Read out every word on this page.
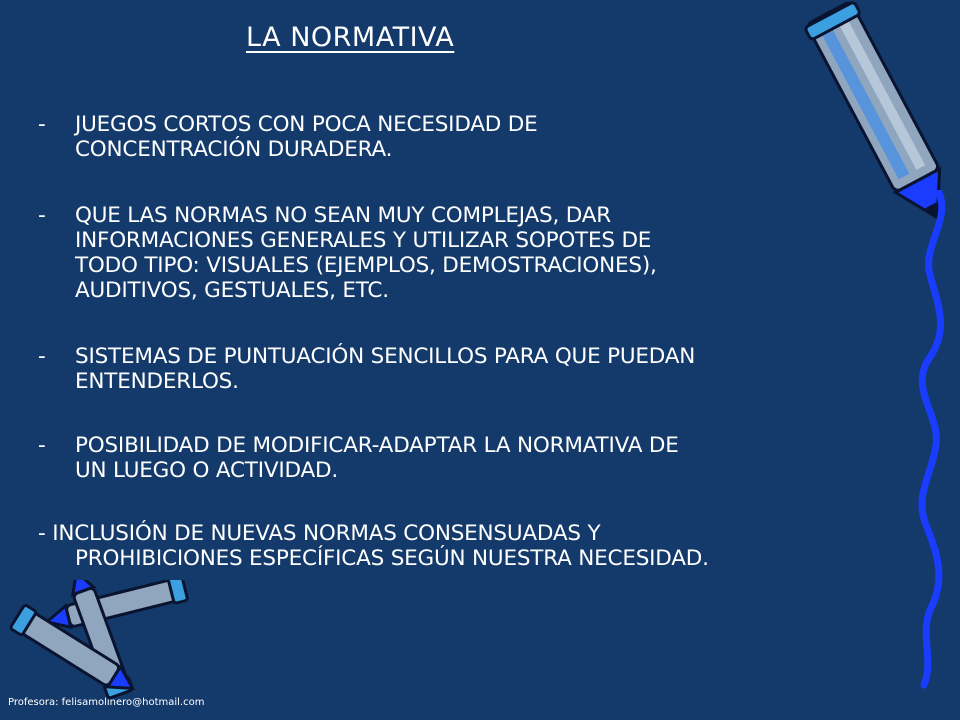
LA NORMATIVA
-	JUEGOS CORTOS CON POCA NECESIDAD DE
CONCENTRACIÓN DURADERA.
-	QUE LAS NORMAS NO SEAN MUY COMPLEJAS, DAR
INFORMACIONES GENERALES Y UTILIZAR SOPOTES DE
TODO TIPO: VISUALES (EJEMPLOS, DEMOSTRACIONES),
AUDITIVOS, GESTUALES, ETC.
-	SISTEMAS DE PUNTUACIÓN SENCILLOS PARA QUE PUEDAN
ENTENDERLOS.
-	POSIBILIDAD DE MODIFICAR-ADAPTAR LA NORMATIVA DE
UN LUEGO O ACTIVIDAD.
- INCLUSIÓN DE NUEVAS NORMAS CONSENSUADAS Y
PROHIBICIONES ESPECÍFICAS SEGÚN NUESTRA NECESIDAD.
Profesora: felisamolinero@hotmail.com
